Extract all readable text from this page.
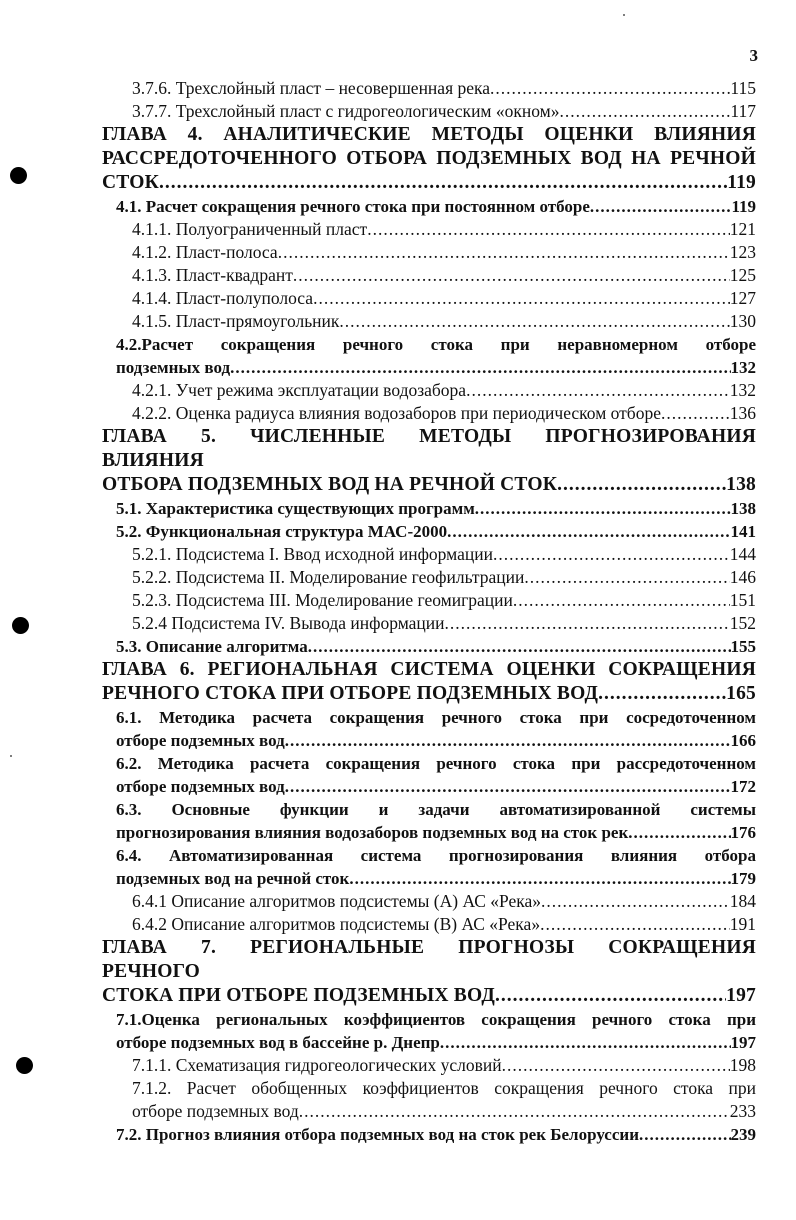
3
3.7.6. Трехслойный пласт – несовершенная река .....	115
3.7.7. Трехслойный пласт с гидрогеологическим «окном» .....	117
ГЛАВА 4. АНАЛИТИЧЕСКИЕ МЕТОДЫ ОЦЕНКИ ВЛИЯНИЯ РАССРЕДОТОЧЕННОГО ОТБОРА ПОДЗЕМНЫХ ВОД НА РЕЧНОЙ
СТОК .....	119
4.1. Расчет сокращения речного стока при постоянном отборе .....	119
4.1.1. Полуограниченный пласт .....	121
4.1.2. Пласт-полоса .....	123
4.1.3. Пласт-квадрант .....	125
4.1.4. Пласт-полуполоса .....	127
4.1.5. Пласт-прямоугольник .....	130
4.2.Расчет сокращения речного стока при неравномерном отборе
подземных вод .....	132
4.2.1. Учет режима эксплуатации водозабора .....	132
4.2.2. Оценка радиуса влияния водозаборов при периодическом отборе .....	136
ГЛАВА 5. ЧИСЛЕННЫЕ МЕТОДЫ ПРОГНОЗИРОВАНИЯ ВЛИЯНИЯ
ОТБОРА ПОДЗЕМНЫХ ВОД НА РЕЧНОЙ СТОК .....	138
5.1. Характеристика существующих программ .....	138
5.2. Функциональная структура МАС-2000 .....	141
5.2.1. Подсистема I. Ввод исходной информации .....	144
5.2.2. Подсистема II. Моделирование геофильтрации .....	146
5.2.3. Подсистема III. Моделирование геомиграции .....	151
5.2.4 Подсистема IV. Вывода информации .....	152
5.3. Описание алгоритма .....	155
ГЛАВА 6. РЕГИОНАЛЬНАЯ СИСТЕМА ОЦЕНКИ СОКРАЩЕНИЯ
РЕЧНОГО СТОКА ПРИ ОТБОРЕ ПОДЗЕМНЫХ ВОД .....	165
6.1. Методика расчета сокращения речного стока при сосредоточенном
отборе подземных вод .....	166
6.2. Методика расчета сокращения речного стока при рассредоточенном
отборе подземных вод .....	172
6.3. Основные функции и задачи автоматизированной системы
прогнозирования влияния водозаборов подземных вод на сток рек .....	176
6.4. Автоматизированная система прогнозирования влияния отбора
подземных вод на речной сток .....	179
6.4.1 Описание алгоритмов подсистемы (А) АС «Река» .....	184
6.4.2 Описание алгоритмов подсистемы (В) АС «Река» .....	191
ГЛАВА 7. РЕГИОНАЛЬНЫЕ ПРОГНОЗЫ СОКРАЩЕНИЯ РЕЧНОГО
СТОКА ПРИ ОТБОРЕ ПОДЗЕМНЫХ ВОД .....	197
7.1.Оценка региональных коэффициентов сокращения речного стока при
отборе подземных вод в бассейне р. Днепр .....	197
7.1.1. Схематизация гидрогеологических условий .....	198
7.1.2. Расчет обобщенных коэффициентов сокращения речного стока при
отборе подземных вод .....	233
7.2. Прогноз влияния отбора подземных вод на сток рек Белоруссии .....	239
